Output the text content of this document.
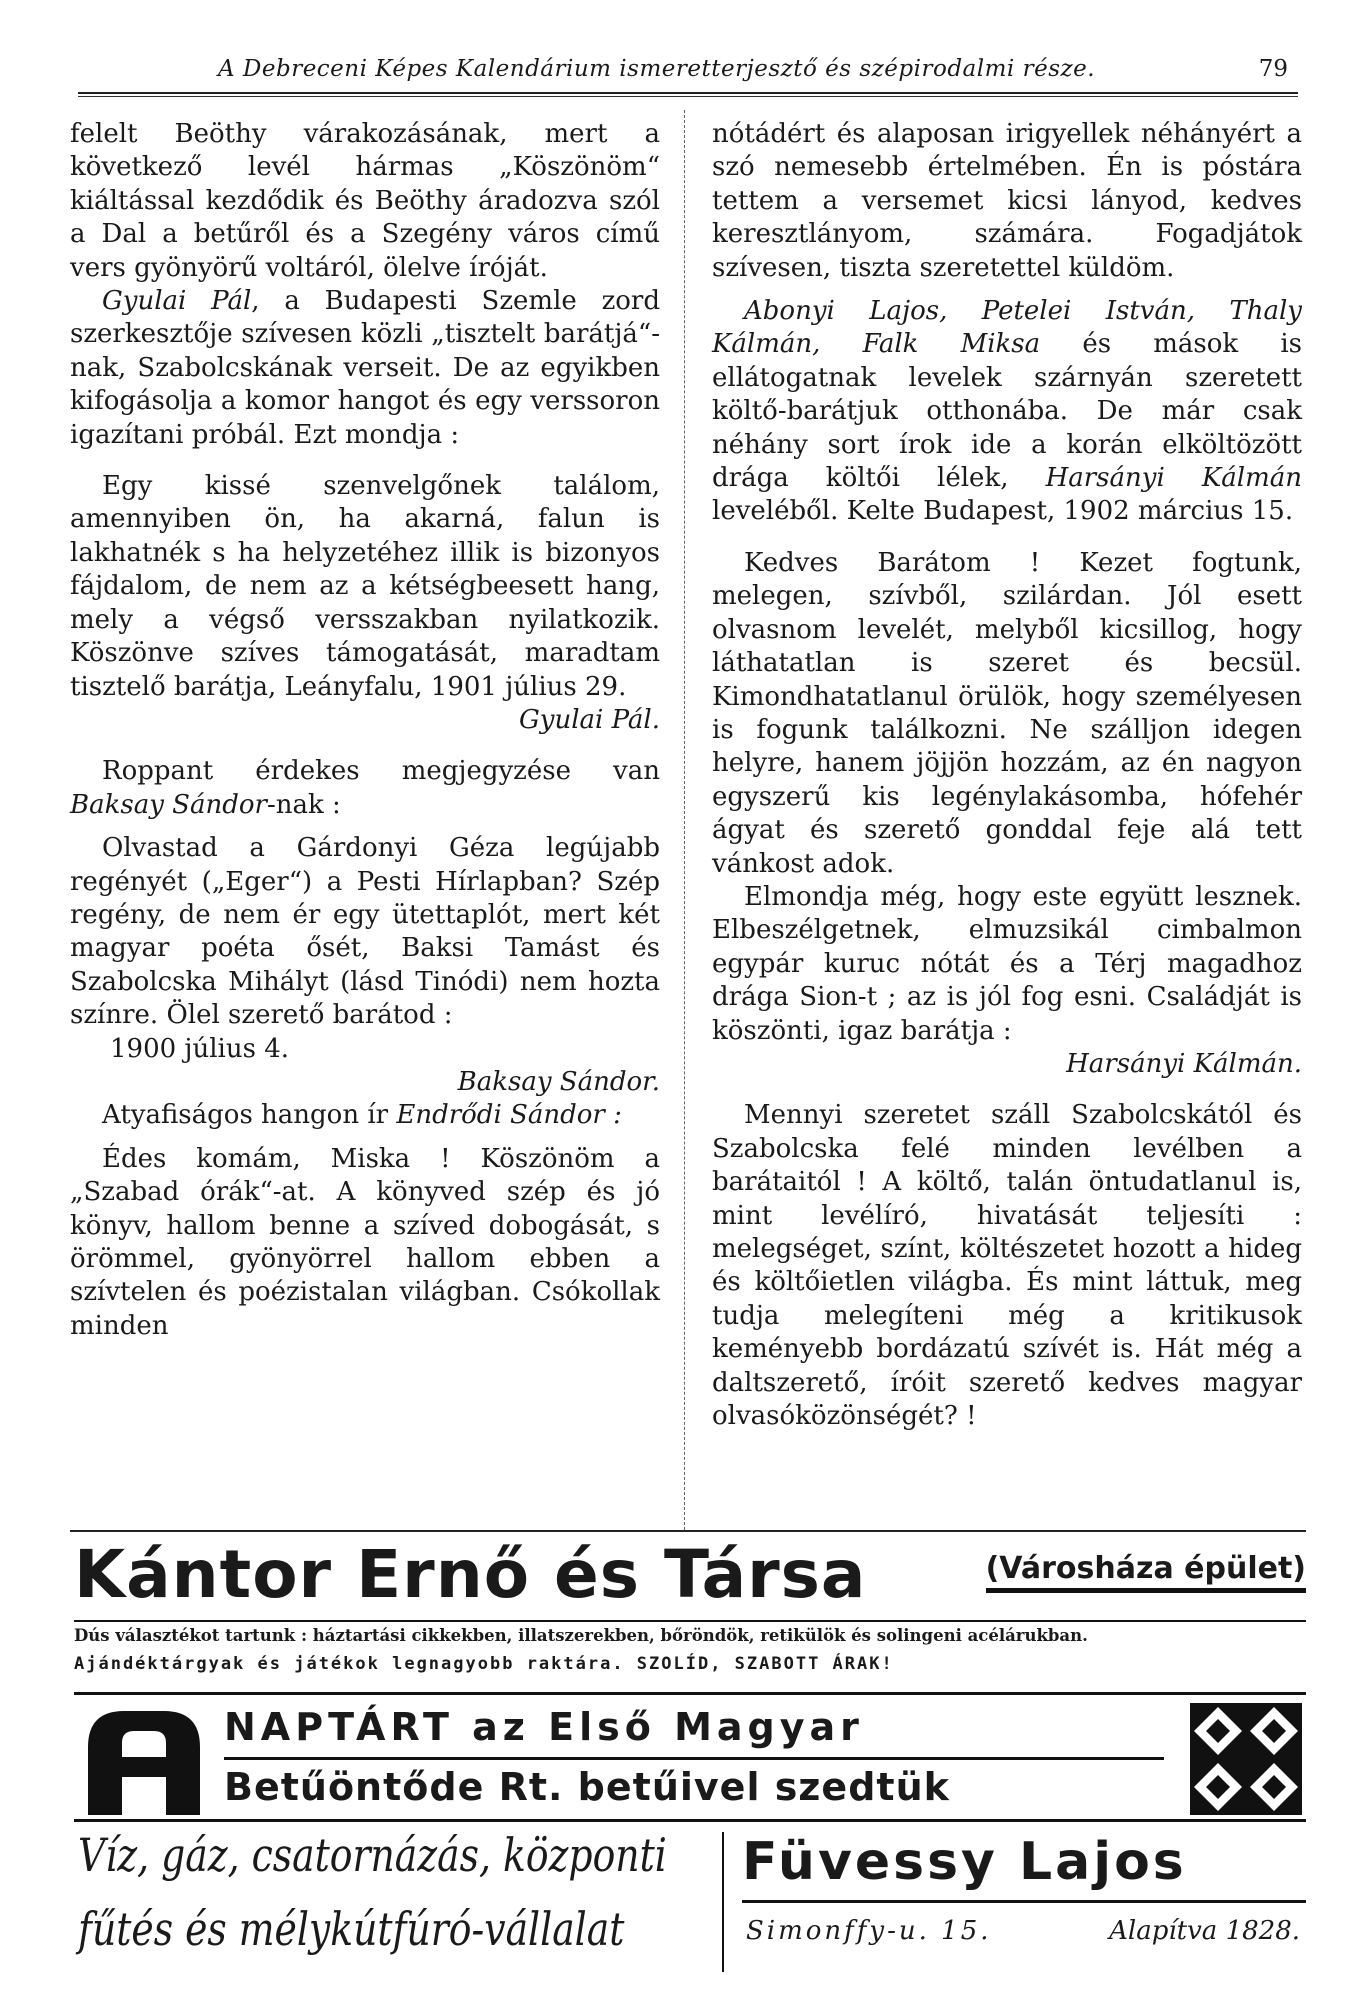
A Debreceni Képes Kalendárium ismeretterjesztő és szépirodalmi része.	79

felelt Beöthy várakozásának, mert a következő levél hármas „Köszönöm“ kiáltással kezdődik és Beöthy áradozva szól a Dal a betűről és a Szegény város című vers gyönyörű voltáról, ölelve íróját.

Gyulai Pál, a Budapesti Szemle zord szerkesztője szívesen közli „tisztelt barátjá“-nak, Szabolcskának verseit. De az egyikben kifogásolja a komor hangot és egy verssoron igazítani próbál. Ezt mondja :

Egy kissé szenvelgőnek találom, amennyiben ön, ha akarná, falun is lakhatnék s ha helyzetéhez illik is bizonyos fájdalom, de nem az a kétségbeesett hang, mely a végső versszakban nyilatkozik. Köszönve szíves támogatását, maradtam tisztelő barátja, Leányfalu, 1901 július 29.

Gyulai Pál.

Roppant érdekes megjegyzése van Baksay Sándor-nak :

Olvastad a Gárdonyi Géza legújabb regényét („Eger“) a Pesti Hírlapban? Szép regény, de nem ér egy ütettaplót, mert két magyar poéta ősét, Baksi Tamást és Szabolcska Mihályt (lásd Tinódi) nem hozta színre. Ölel szerető barátod :

1900 július 4.

Baksay Sándor.

Atyafiságos hangon ír Endrődi Sándor :

Édes komám, Miska ! Köszönöm a „Szabad órák“-at. A könyved szép és jó könyv, hallom benne a szíved dobogását, s örömmel, gyönyörrel hallom ebben a szívtelen és poézistalan világban. Csókollak minden

nótádért és alaposan irigyellek néhányért a szó nemesebb értelmében. Én is póstára tettem a versemet kicsi lányod, kedves keresztlányom, számára. Fogadjátok szívesen, tiszta szeretettel küldöm.

Abonyi Lajos, Petelei István, Thaly Kálmán, Falk Miksa és mások is ellátogatnak levelek szárnyán szeretett költő-barátjuk otthonába. De már csak néhány sort írok ide a korán elköltözött drága költői lélek, Harsányi Kálmán leveléből. Kelte Budapest, 1902 március 15.

Kedves Barátom ! Kezet fogtunk, melegen, szívből, szilárdan. Jól esett olvasnom levelét, melyből kicsillog, hogy láthatatlan is szeret és becsül. Kimondhatatlanul örülök, hogy személyesen is fogunk találkozni. Ne szálljon idegen helyre, hanem jöjjön hozzám, az én nagyon egyszerű kis legénylakásomba, hófehér ágyat és szerető gonddal feje alá tett vánkost adok.

Elmondja még, hogy este együtt lesznek. Elbeszélgetnek, elmuzsikál cimbalmon egypár kuruc nótát és a Térj magadhoz drága Sion-t ; az is jól fog esni. Családját is köszönti, igaz barátja :

Harsányi Kálmán.

Mennyi szeretet száll Szabolcskától és Szabolcska felé minden levélben a barátaitól ! A költő, talán öntudatlanul is, mint levélíró, hivatását teljesíti : melegséget, színt, költészetet hozott a hideg és költőietlen világba. És mint láttuk, meg tudja melegíteni még a kritikusok keményebb bordázatú szívét is. Hát még a daltszerető, íróit szerető kedves magyar olvasóközönségét? !

Kántor Ernő és Társa	(Városháza épület)
Dús választékot tartunk : háztartási cikkekben, illatszerekben, bőröndök, retikülök és solingeni acélárukban.
Ajándéktárgyak és játékok legnagyobb raktára. SZOLÍD, SZABOTT ÁRAK!
NAPTÁRT az Első Magyar
Betűöntőde Rt. betűivel szedtük
Víz, gáz, csatornázás, központi
fűtés és mélykútfúró-vállalat
Füvessy Lajos
Simonffy-u. 15.	Alapítva 1828.
